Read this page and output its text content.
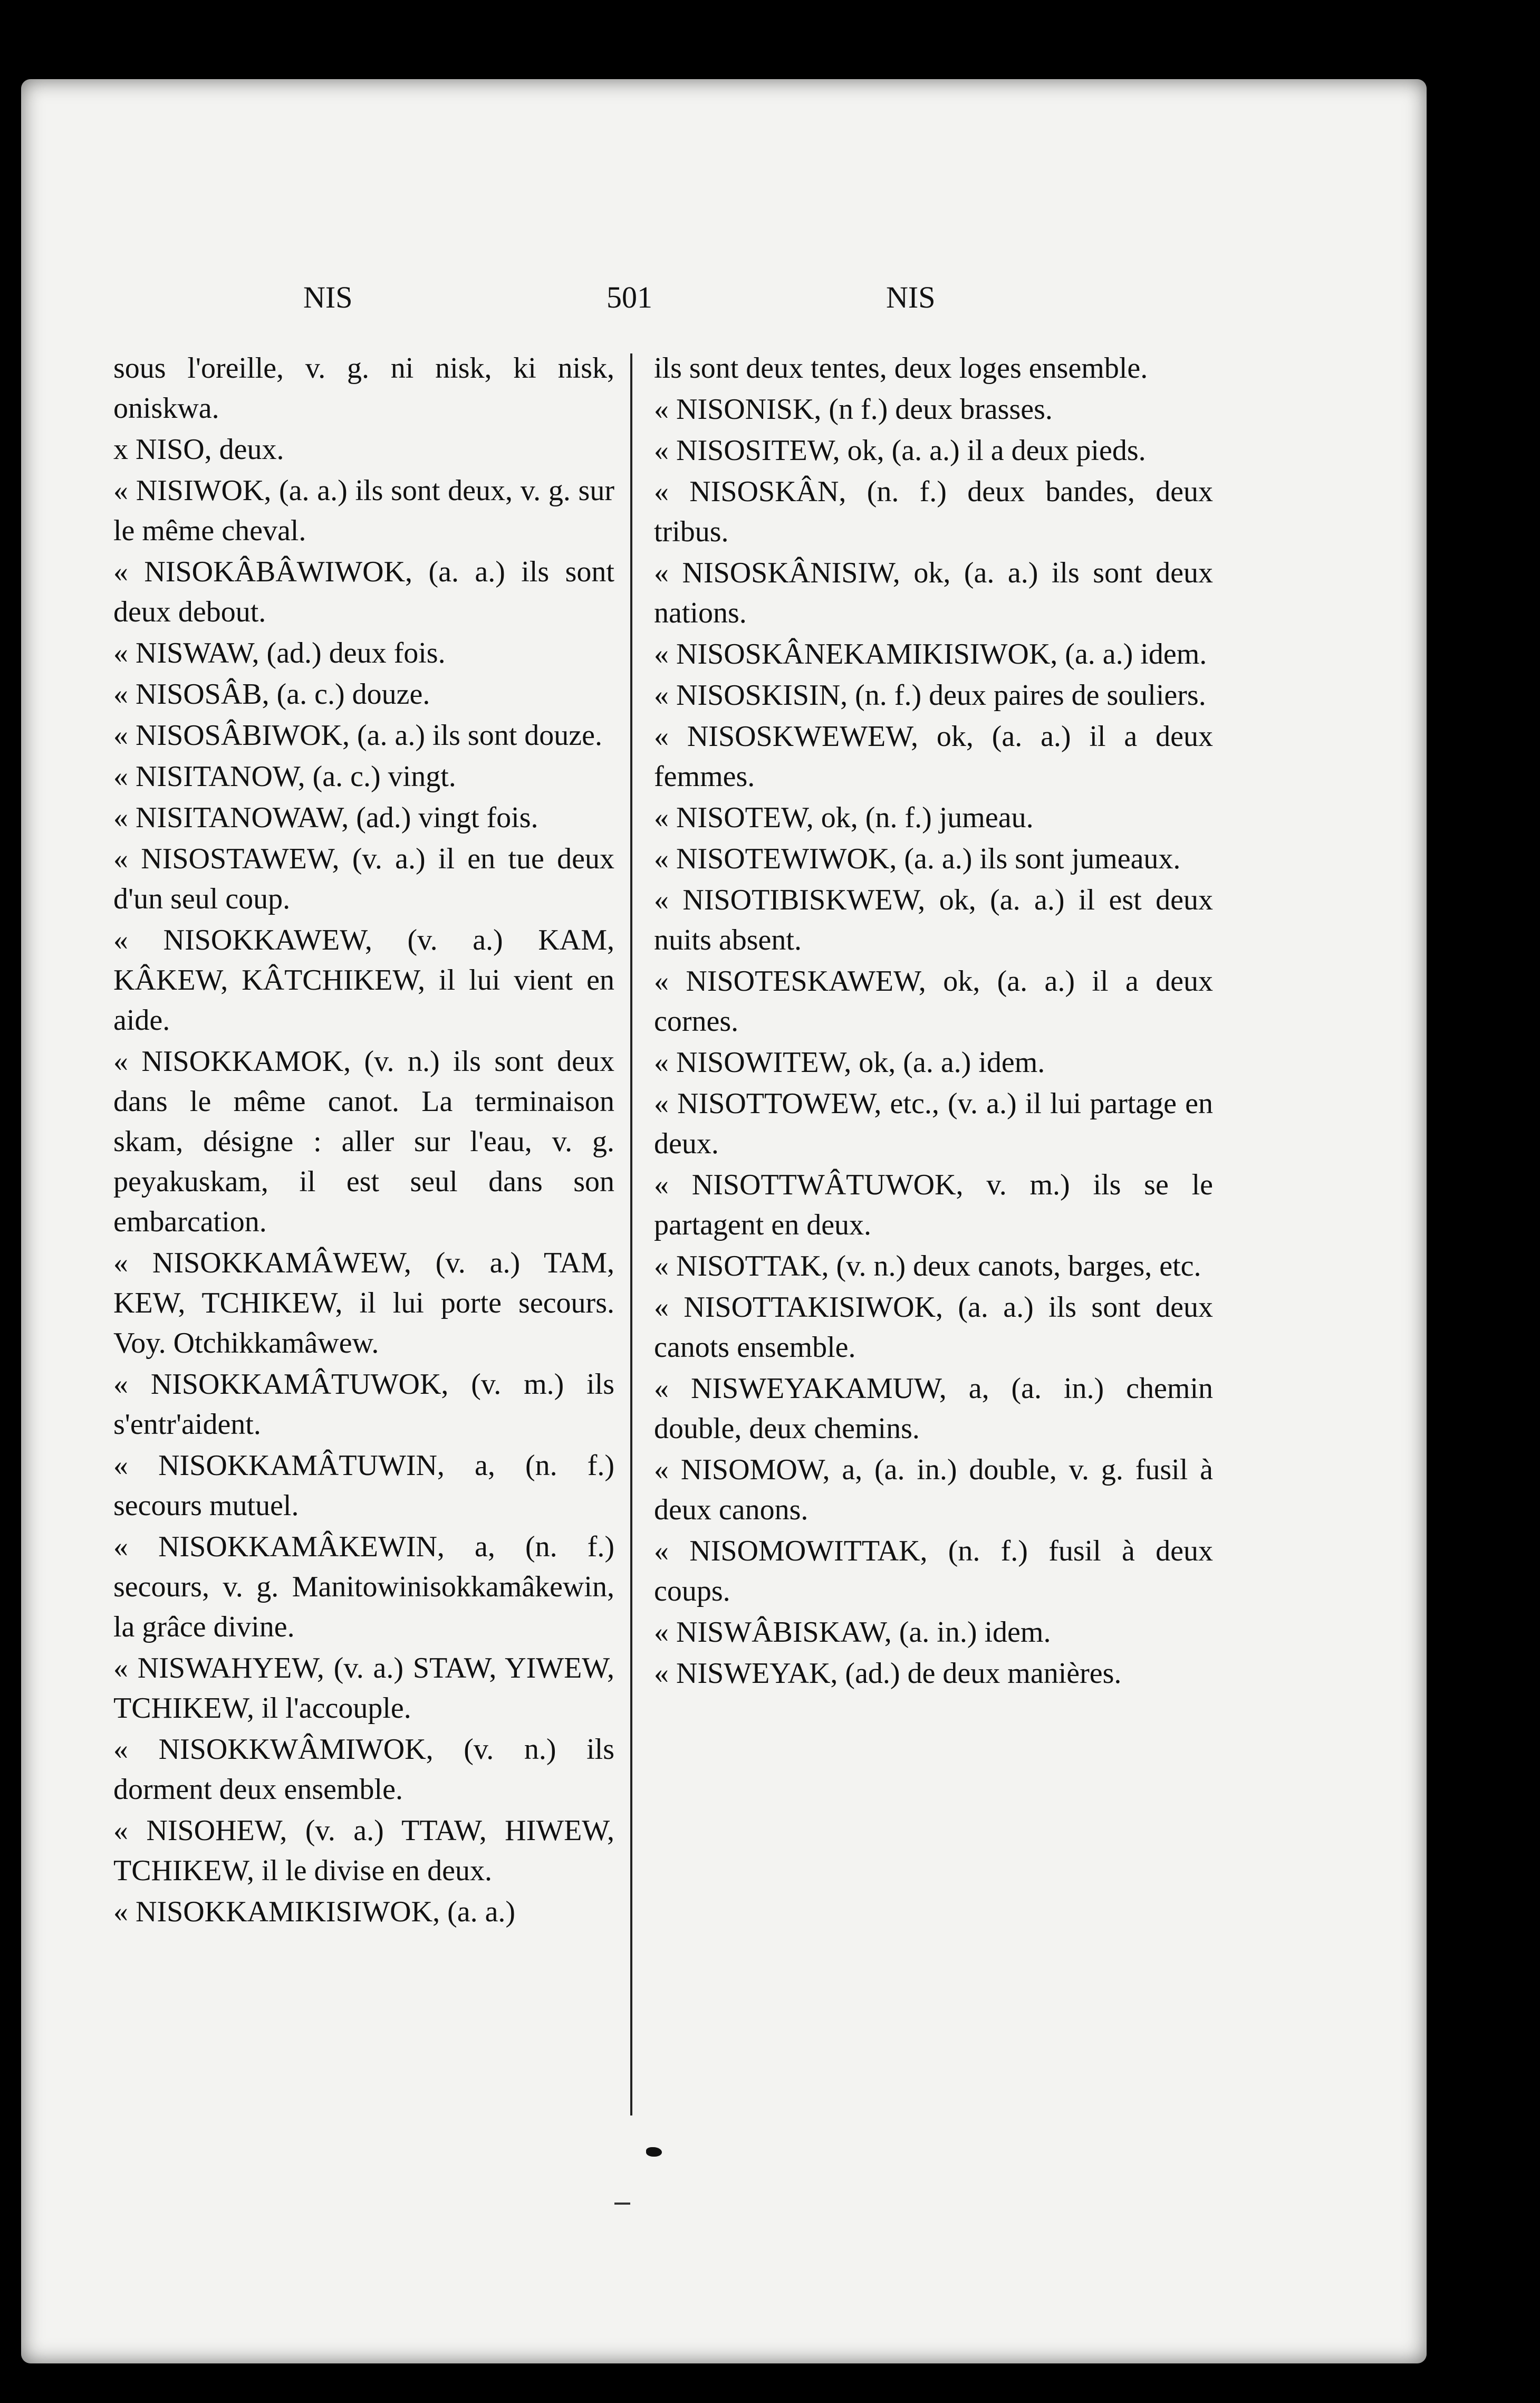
NIS	501	NIS

sous l'oreille, v. g. ni nisk, ki nisk, oniskwa.

x NISO, deux.

« NISIWOK, (a. a.) ils sont deux, v. g. sur le même cheval.

« NISOKÂBÂWIWOK, (a. a.) ils sont deux debout.

« NISWAW, (ad.) deux fois.

« NISOSÂB, (a. c.) douze.

« NISOSÂBIWOK, (a. a.) ils sont douze.

« NISITANOW, (a. c.) vingt.

« NISITANOWAW, (ad.) vingt fois.

« NISOSTAWEW, (v. a.) il en tue deux d'un seul coup.

« NISOKKAWEW, (v. a.) KAM, KÂKEW, KÂTCHIKEW, il lui vient en aide.

« NISOKKAMOK, (v. n.) ils sont deux dans le même canot. La terminaison skam, désigne : aller sur l'eau, v. g. peyakuskam, il est seul dans son embarcation.

« NISOKKAMÂWEW, (v. a.) TAM, KEW, TCHIKEW, il lui porte secours. Voy. Otchikkamâwew.

« NISOKKAMÂTUWOK, (v. m.) ils s'entr'aident.

« NISOKKAMÂTUWIN, a, (n. f.) secours mutuel.

« NISOKKAMÂKEWIN, a, (n. f.) secours, v. g. Manitowinisokkamâkewin, la grâce divine.

« NISWAHYEW, (v. a.) STAW, YIWEW, TCHIKEW, il l'accouple.

« NISOKKWÂMIWOK, (v. n.) ils dorment deux ensemble.

« NISOHEW, (v. a.) TTAW, HIWEW, TCHIKEW, il le divise en deux.

« NISOKKAMIKISIWOK, (a. a.)

ils sont deux tentes, deux loges ensemble.

« NISONISK, (n f.) deux brasses.

« NISOSITEW, ok, (a. a.) il a deux pieds.

« NISOSKÂN, (n. f.) deux bandes, deux tribus.

« NISOSKÂNISIW, ok, (a. a.) ils sont deux nations.

« NISOSKÂNEKAMIKISIWOK, (a. a.) idem.

« NISOSKISIN, (n. f.) deux paires de souliers.

« NISOSKWEWEW, ok, (a. a.) il a deux femmes.

« NISOTEW, ok, (n. f.) jumeau.

« NISOTEWIWOK, (a. a.) ils sont jumeaux.

« NISOTIBISKWEW, ok, (a. a.) il est deux nuits absent.

« NISOTESKAWEW, ok, (a. a.) il a deux cornes.

« NISOWITEW, ok, (a. a.) idem.

« NISOTTOWEW, etc., (v. a.) il lui partage en deux.

« NISOTTWÂTUWOK, v. m.) ils se le partagent en deux.

« NISOTTAK, (v. n.) deux canots, barges, etc.

« NISOTTAKISIWOK, (a. a.) ils sont deux canots ensemble.

« NISWEYAKAMUW, a, (a. in.) chemin double, deux chemins.

« NISOMOW, a, (a. in.) double, v. g. fusil à deux canons.

« NISOMOWITTAK, (n. f.) fusil à deux coups.

« NISWÂBISKAW, (a. in.) idem.

« NISWEYAK, (ad.) de deux manières.
